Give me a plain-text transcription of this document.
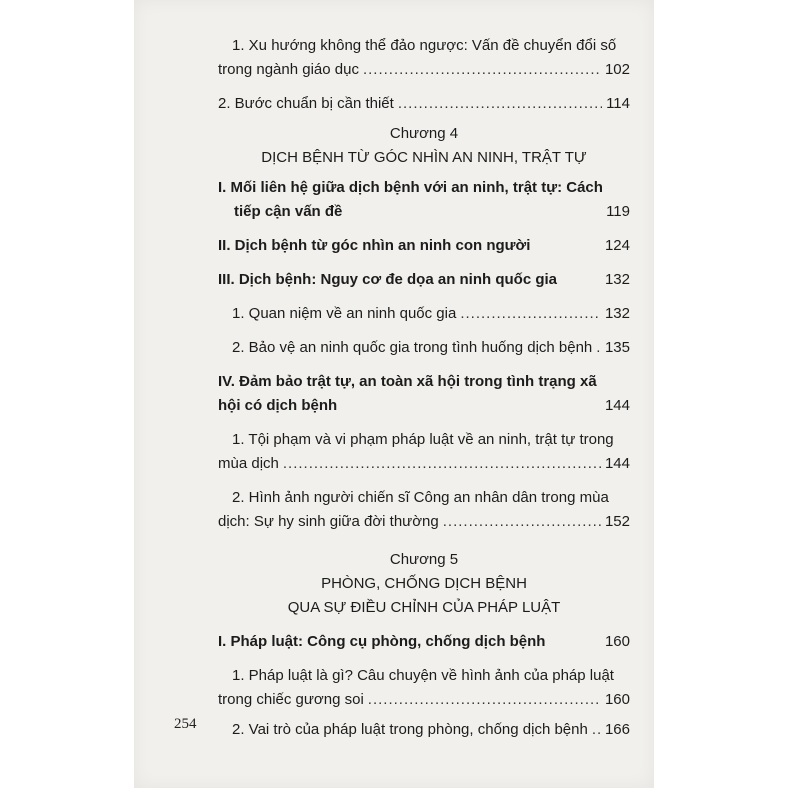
1. Xu hướng không thể đảo ngược: Vấn đề chuyển đổi số
trong ngành giáo dục .....	102
2. Bước chuẩn bị cần thiết .....	114
Chương 4
DỊCH BỆNH TỪ GÓC NHÌN AN NINH, TRẬT TỰ
I. Mối liên hệ giữa dịch bệnh với an ninh, trật tự: Cách
tiếp cận vấn đề	119
II. Dịch bệnh từ góc nhìn an ninh con người	124
III. Dịch bệnh: Nguy cơ đe dọa an ninh quốc gia	132
1. Quan niệm về an ninh quốc gia .....	132
2. Bảo vệ an ninh quốc gia trong tình huống dịch bệnh ..... 135
IV. Đảm bảo trật tự, an toàn xã hội trong tình trạng xã
hội có dịch bệnh	144
1. Tội phạm và vi phạm pháp luật về an ninh, trật tự trong
mùa dịch .....	144
2. Hình ảnh người chiến sĩ Công an nhân dân trong mùa
dịch: Sự hy sinh giữa đời thường .....	152
Chương 5
PHÒNG, CHỐNG DỊCH BỆNH
QUA SỰ ĐIỀU CHỈNH CỦA PHÁP LUẬT
I. Pháp luật: Công cụ phòng, chống dịch bệnh	160
1. Pháp luật là gì? Câu chuyện về hình ảnh của pháp luật
trong chiếc gương soi .....	160
2. Vai trò của pháp luật trong phòng, chống dịch bệnh ..... 166
254
